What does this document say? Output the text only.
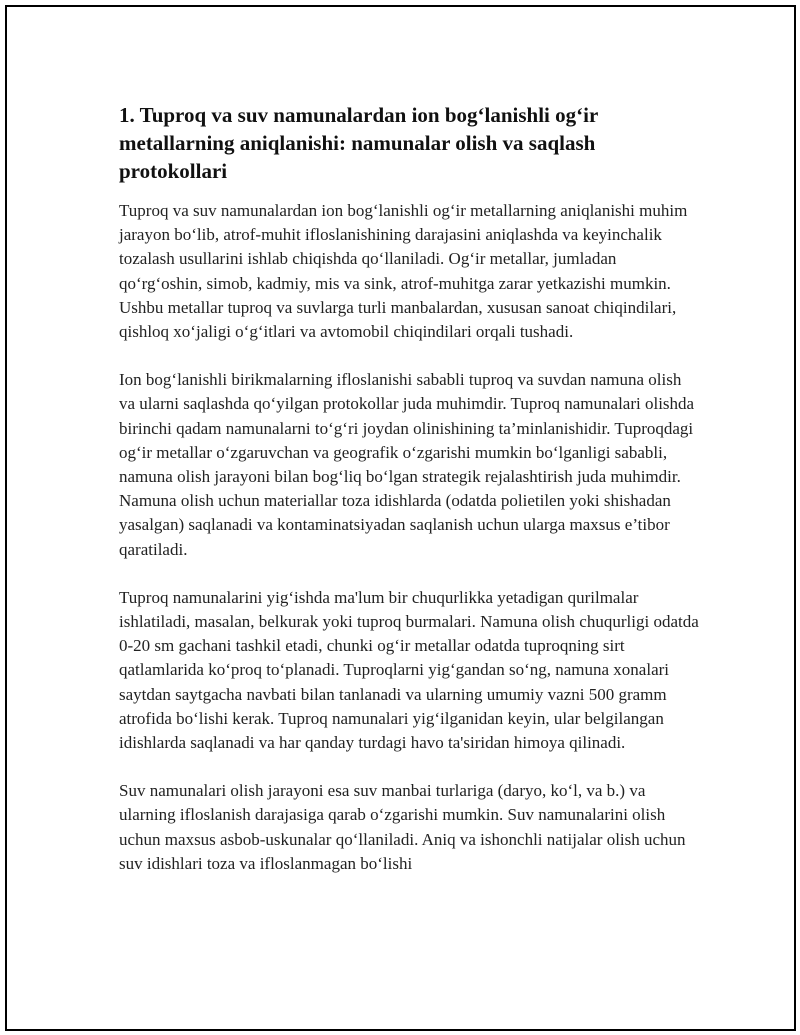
1. Tuproq va suv namunalardan ion bog‘lanishli og‘ir metallarning aniqlanishi: namunalar olish va saqlash protokollari

Tuproq va suv namunalardan ion bog‘lanishli og‘ir metallarning aniqlanishi muhim jarayon bo‘lib, atrof-muhit ifloslanishining darajasini aniqlashda va keyinchalik tozalash usullarini ishlab chiqishda qo‘llaniladi. Og‘ir metallar, jumladan qo‘rg‘oshin, simob, kadmiy, mis va sink, atrof-muhitga zarar yetkazishi mumkin. Ushbu metallar tuproq va suvlarga turli manbalardan, xususan sanoat chiqindilari, qishloq xo‘jaligi o‘g‘itlari va avtomobil chiqindilari orqali tushadi.

Ion bog‘lanishli birikmalarning ifloslanishi sababli tuproq va suvdan namuna olish va ularni saqlashda qo‘yilgan protokollar juda muhimdir. Tuproq namunalari olishda birinchi qadam namunalarni to‘g‘ri joydan olinishining ta’minlanishidir. Tuproqdagi og‘ir metallar o‘zgaruvchan va geografik o‘zgarishi mumkin bo‘lganligi sababli, namuna olish jarayoni bilan bog‘liq bo‘lgan strategik rejalashtirish juda muhimdir. Namuna olish uchun materiallar toza idishlarda (odatda polietilen yoki shishadan yasalgan) saqlanadi va kontaminatsiyadan saqlanish uchun ularga maxsus e’tibor qaratiladi.

Tuproq namunalarini yig‘ishda ma'lum bir chuqurlikka yetadigan qurilmalar ishlatiladi, masalan, belkurak yoki tuproq burmalari. Namuna olish chuqurligi odatda 0-20 sm gachani tashkil etadi, chunki og‘ir metallar odatda tuproqning sirt qatlamlarida ko‘proq to‘planadi. Tuproqlarni yig‘gandan so‘ng, namuna xonalari saytdan saytgacha navbati bilan tanlanadi va ularning umumiy vazni 500 gramm atrofida bo‘lishi kerak. Tuproq namunalari yig‘ilganidan keyin, ular belgilangan idishlarda saqlanadi va har qanday turdagi havo ta'siridan himoya qilinadi.

Suv namunalari olish jarayoni esa suv manbai turlariga (daryo, ko‘l, va b.) va ularning ifloslanish darajasiga qarab o‘zgarishi mumkin. Suv namunalarini olish uchun maxsus asbob-uskunalar qo‘llaniladi. Aniq va ishonchli natijalar olish uchun suv idishlari toza va ifloslanmagan bo‘lishi
